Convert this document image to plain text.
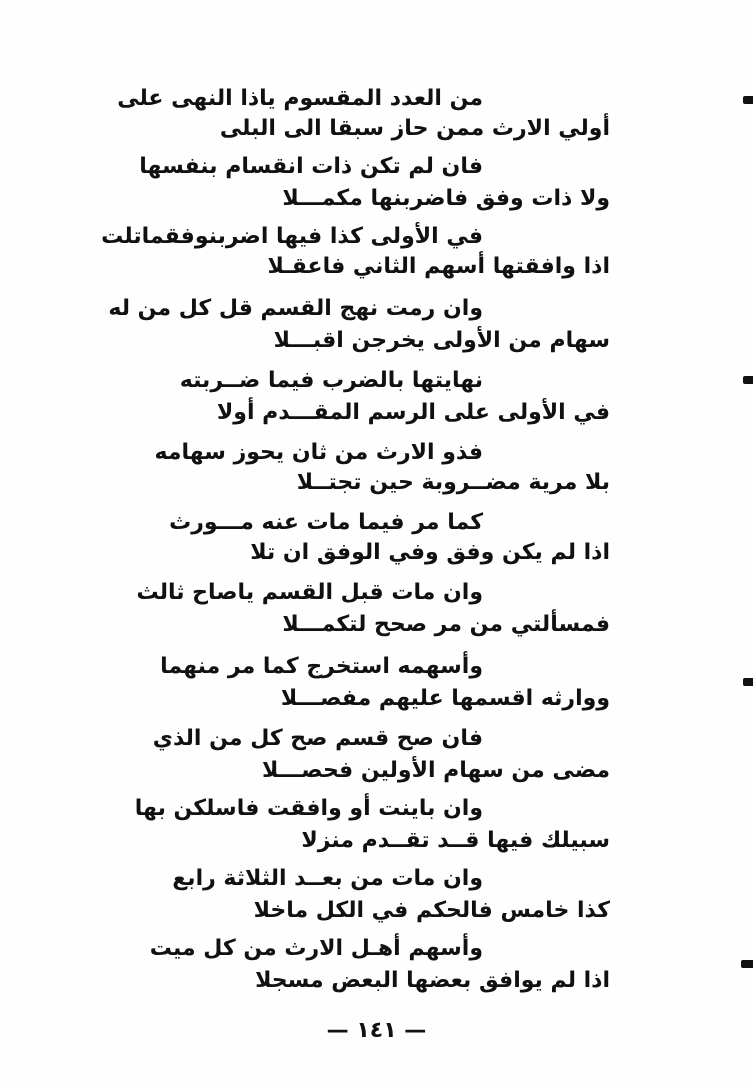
من العدد المقسوم ياذا النهى على

أولي الارث ممن حاز سبقا الى البلى

فان لم تكن ذات انقسام بنفسها

ولا ذات وفق فاضربنها مكمـــلا

في الأولى كذا فيها اضربنوفقماتلت

اذا وافقتها أسهم الثاني فاعقـلا

وان رمت نهج القسم قل كل من له

سهام من الأولى يخرجن اقبـــلا

نهايتها بالضرب فيما ضــربته

في الأولى على الرسم المقـــدم أولا

فذو الارث من ثان يحوز سهامه

بلا مرية مضــروبة حين تجتــلا

كما مر فيما مات عنه مـــورث

اذا لم يكن وفق وفي الوفق ان تلا

وان مات قبل القسم ياصاح ثالث

فمسألتي من مر صحح لتكمـــلا

وأسهمه استخرج كما مر منهما

ووارثه اقسمها عليهم مفصـــلا

فان صح قسم صح كل من الذي

مضى من سهام الأولين فحصـــلا

وان باينت أو وافقت فاسلكن بها

سبيلك فيها قــد تقــدم منزلا

وان مات من بعــد الثلاثة رابع

كذا خامس فالحكم في الكل ماخلا

وأسهم أهـل الارث من كل ميت

اذا لم يوافق بعضها البعض مسجلا

— ١٤١ —
